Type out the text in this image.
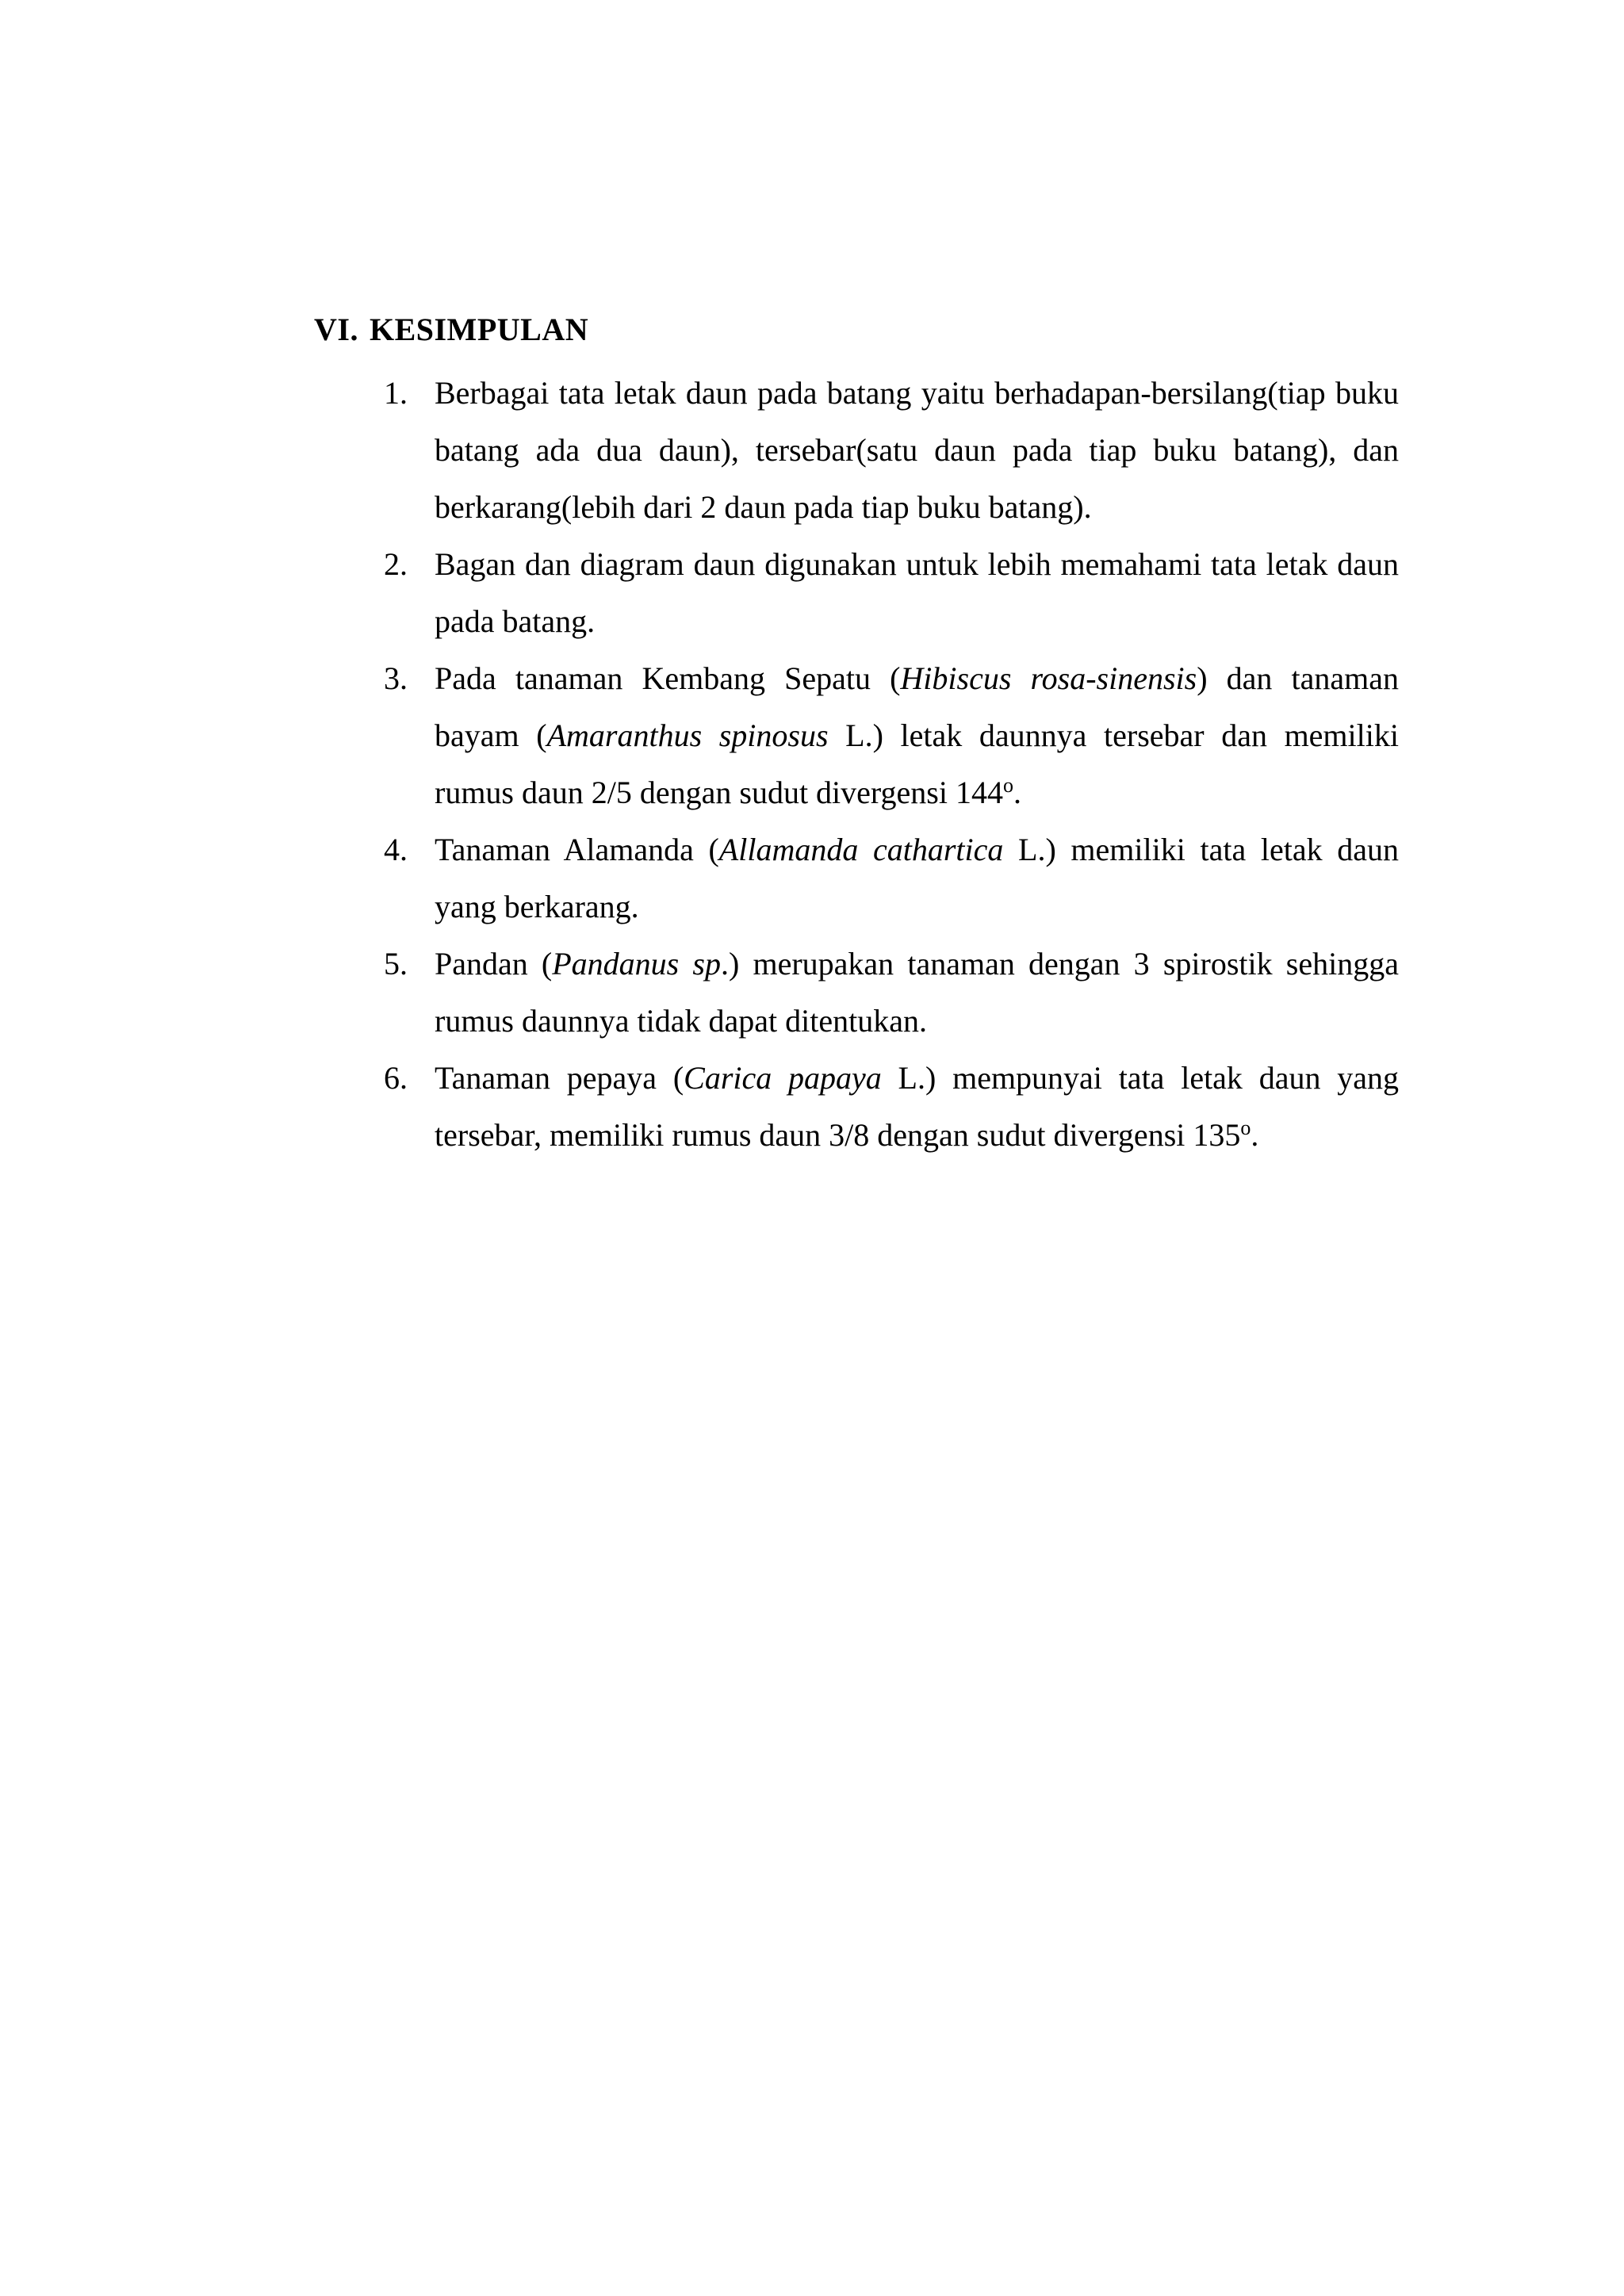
VI. KESIMPULAN
1. Berbagai tata letak daun pada batang yaitu berhadapan-bersilang(tiap buku batang ada dua daun), tersebar(satu daun pada tiap buku batang), dan berkarang(lebih dari 2 daun pada tiap buku batang).
2. Bagan dan diagram daun digunakan untuk lebih memahami tata letak daun pada batang.
3. Pada tanaman Kembang Sepatu (Hibiscus rosa-sinensis) dan tanaman bayam (Amaranthus spinosus L.) letak daunnya tersebar dan memiliki rumus daun 2/5 dengan sudut divergensi 144$^o$.
4. Tanaman Alamanda (Allamanda cathartica L.) memiliki tata letak daun yang berkarang.
5. Pandan (Pandanus sp.) merupakan tanaman dengan 3 spirostik sehingga rumus daunnya tidak dapat ditentukan.
6. Tanaman pepaya (Carica papaya L.) mempunyai tata letak daun yang tersebar, memiliki rumus daun 3/8 dengan sudut divergensi 135$^o$.
